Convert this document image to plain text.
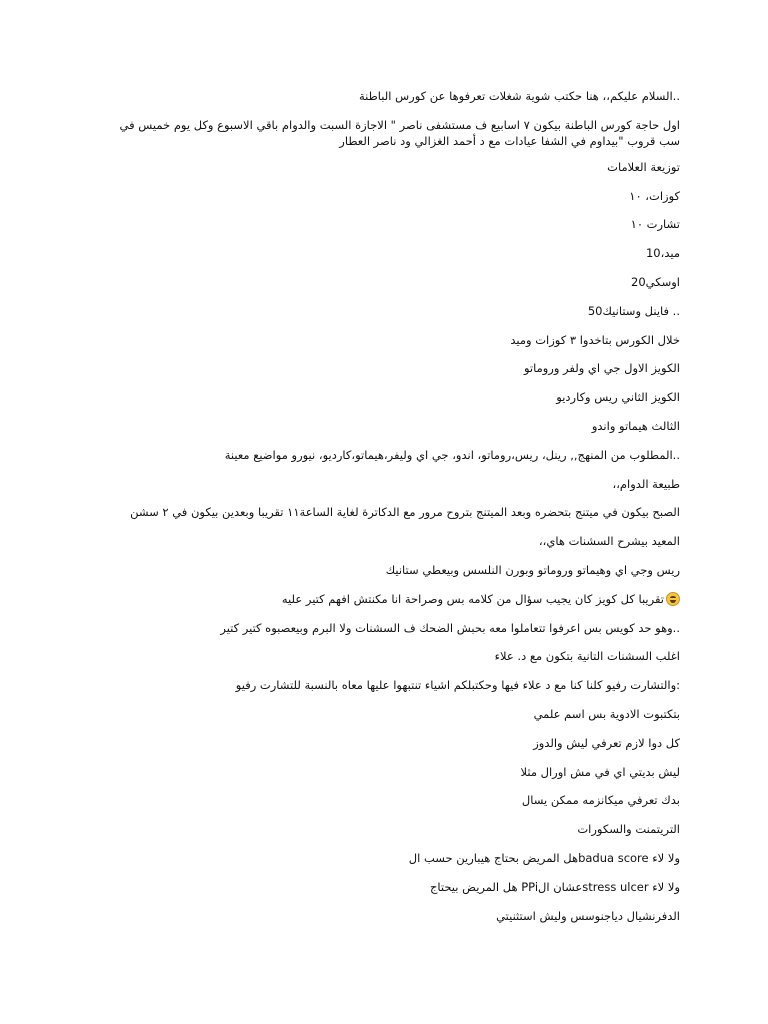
..السلام عليكم،، هنا حكتب شوية شغلات تعرفوها عن كورس الباطنة

اول حاجة كورس الباطنة بيكون ٧ اسابيع ف مستشفى ناصر " الاجازة السبت والدوام باقي الاسبوع وكل يوم خميس في سب قروب "بيداوم في الشفا عيادات مع د أحمد الغزالي ود ناصر العطار

توزيعة العلامات

كوزات، ١٠

تشارت ١٠

ميد،10

اوسكي20

.. فاينل وستانيك50

خلال الكورس بتاخدوا ٣ كوزات وميد

الكويز الاول جي اي ولفر وروماتو

الكويز الثاني ريس وكارديو

الثالث هيماتو واندو

..المطلوب من المنهج,, رينل، ريس،روماتو، اندو، جي اي وليفر،هيماتو،كارديو، نيورو مواضيع معينة

طبيعة الدوام،،

الصبح بيكون في ميتنج بتحضره وبعد الميتنج بتروح مرور مع الدكاترة لغاية الساعة١١ تقريبا وبعدين بيكون في ٢ سشن

المعيد بيشرح السشنات هاي،،

ريس وجي اي وهيماتو وروماتو وبورن النلسس وبيعطي ستانيك

تقريبا كل كويز كان يجيب سؤال من كلامه بس وصراحة انا مكنتش افهم كتير عليه

..وهو حد كويس بس اعرفوا تتعاملوا معه بحبش الضحك ف السشنات ولا البرم وبيعصبوه كتير كتير

اغلب السشنات التانية بتكون مع د. علاء

:والتشارت رفيو كلنا كنا مع د علاء فيها وحكتبلكم اشياء تنتبهوا عليها معاه بالنسبة للتشارت رفيو

بتكتبوت الادوية بس اسم علمي

كل دوا لازم تعرفي ليش والدوز

ليش بديتي اي في مش اورال مثلا

بدك تعرفي ميكانزمه ممكن يسال

التريتمنت والسكورات

ولا لاء badua scoreهل المريض بحتاج هيبارين حسب ال

ولا لاء stress ulcerعشان الPPi هل المريض بيحتاج

الدفرنشيال دياجنوسس وليش استثنيتي
